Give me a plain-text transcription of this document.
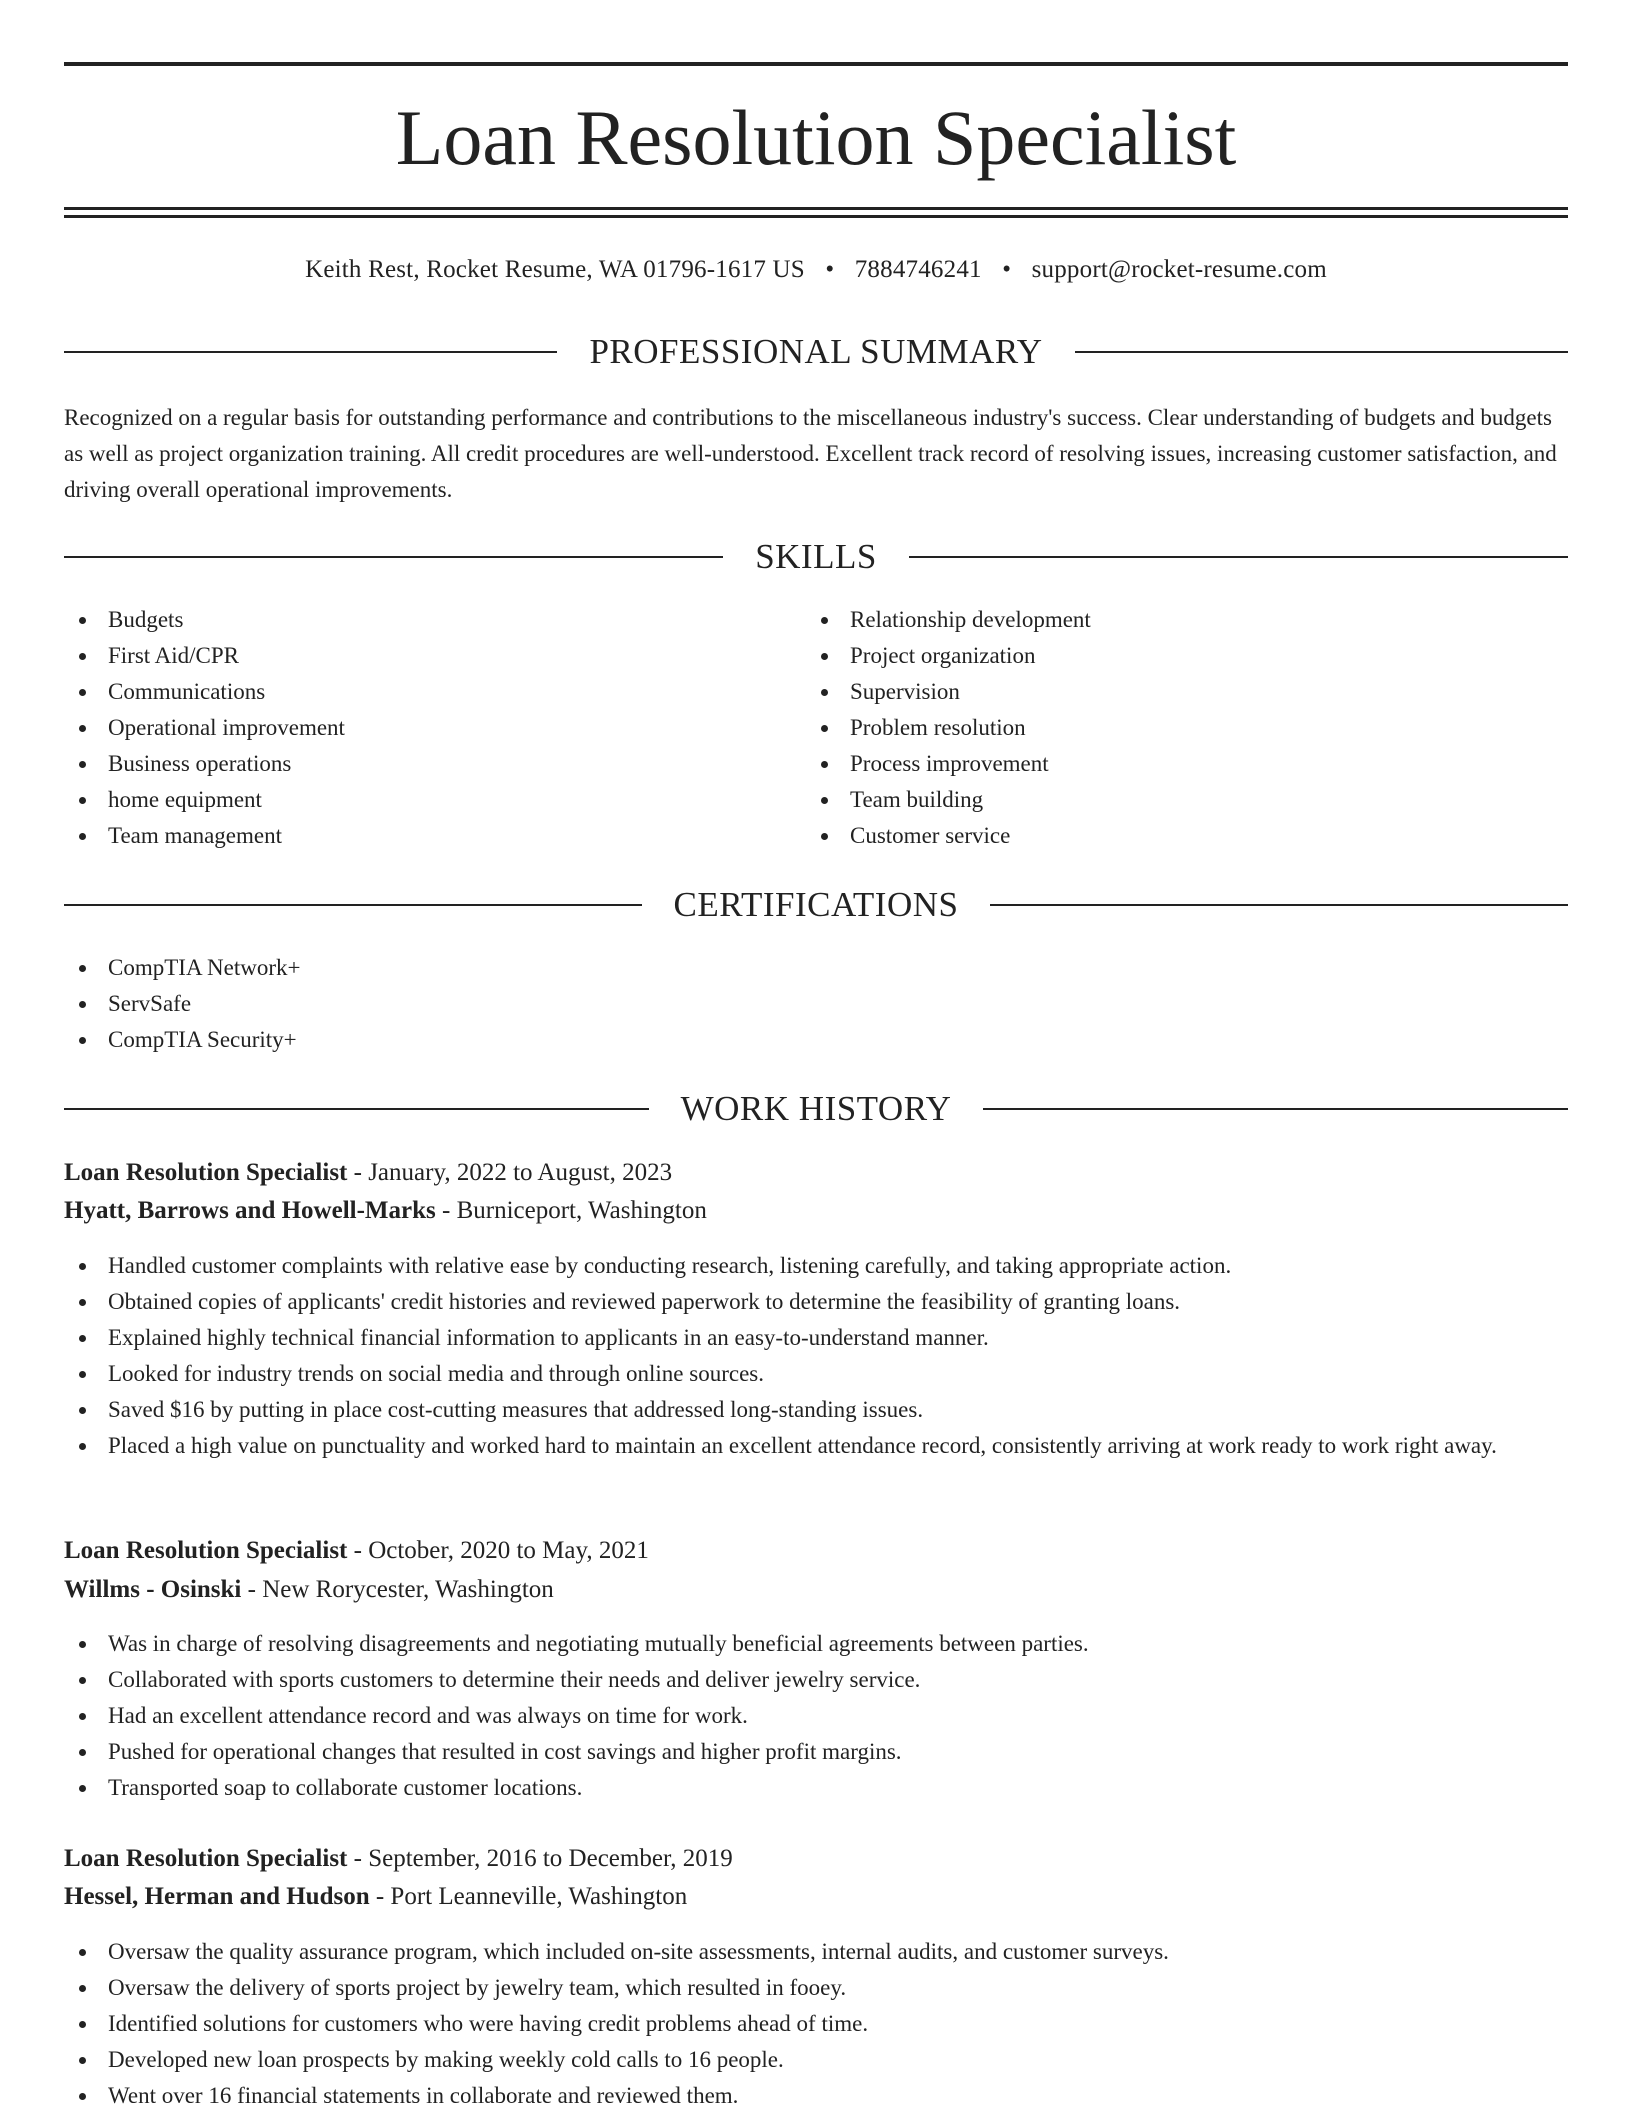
Loan Resolution Specialist
Keith Rest, Rocket Resume, WA 01796-1617 US • 7884746241 • support@rocket-resume.com
PROFESSIONAL SUMMARY

Recognized on a regular basis for outstanding performance and contributions to the miscellaneous industry's success. Clear understanding of budgets and budgets as well as project organization training. All credit procedures are well-understood. Excellent track record of resolving issues, increasing customer satisfaction, and driving overall operational improvements.

SKILLS
Budgets
First Aid/CPR
Communications
Operational improvement
Business operations
home equipment
Team management
Relationship development
Project organization
Supervision
Problem resolution
Process improvement
Team building
Customer service
CERTIFICATIONS
CompTIA Network+
ServSafe
CompTIA Security+
WORK HISTORY
Loan Resolution Specialist - January, 2022 to August, 2023
Hyatt, Barrows and Howell-Marks - Burniceport, Washington
Handled customer complaints with relative ease by conducting research, listening carefully, and taking appropriate action.
Obtained copies of applicants' credit histories and reviewed paperwork to determine the feasibility of granting loans.
Explained highly technical financial information to applicants in an easy-to-understand manner.
Looked for industry trends on social media and through online sources.
Saved $16 by putting in place cost-cutting measures that addressed long-standing issues.
Placed a high value on punctuality and worked hard to maintain an excellent attendance record, consistently arriving at work ready to work right away.
Loan Resolution Specialist - October, 2020 to May, 2021
Willms - Osinski - New Rorycester, Washington
Was in charge of resolving disagreements and negotiating mutually beneficial agreements between parties.
Collaborated with sports customers to determine their needs and deliver jewelry service.
Had an excellent attendance record and was always on time for work.
Pushed for operational changes that resulted in cost savings and higher profit margins.
Transported soap to collaborate customer locations.
Loan Resolution Specialist - September, 2016 to December, 2019
Hessel, Herman and Hudson - Port Leanneville, Washington
Oversaw the quality assurance program, which included on-site assessments, internal audits, and customer surveys.
Oversaw the delivery of sports project by jewelry team, which resulted in fooey.
Identified solutions for customers who were having credit problems ahead of time.
Developed new loan prospects by making weekly cold calls to 16 people.
Went over 16 financial statements in collaborate and reviewed them.
